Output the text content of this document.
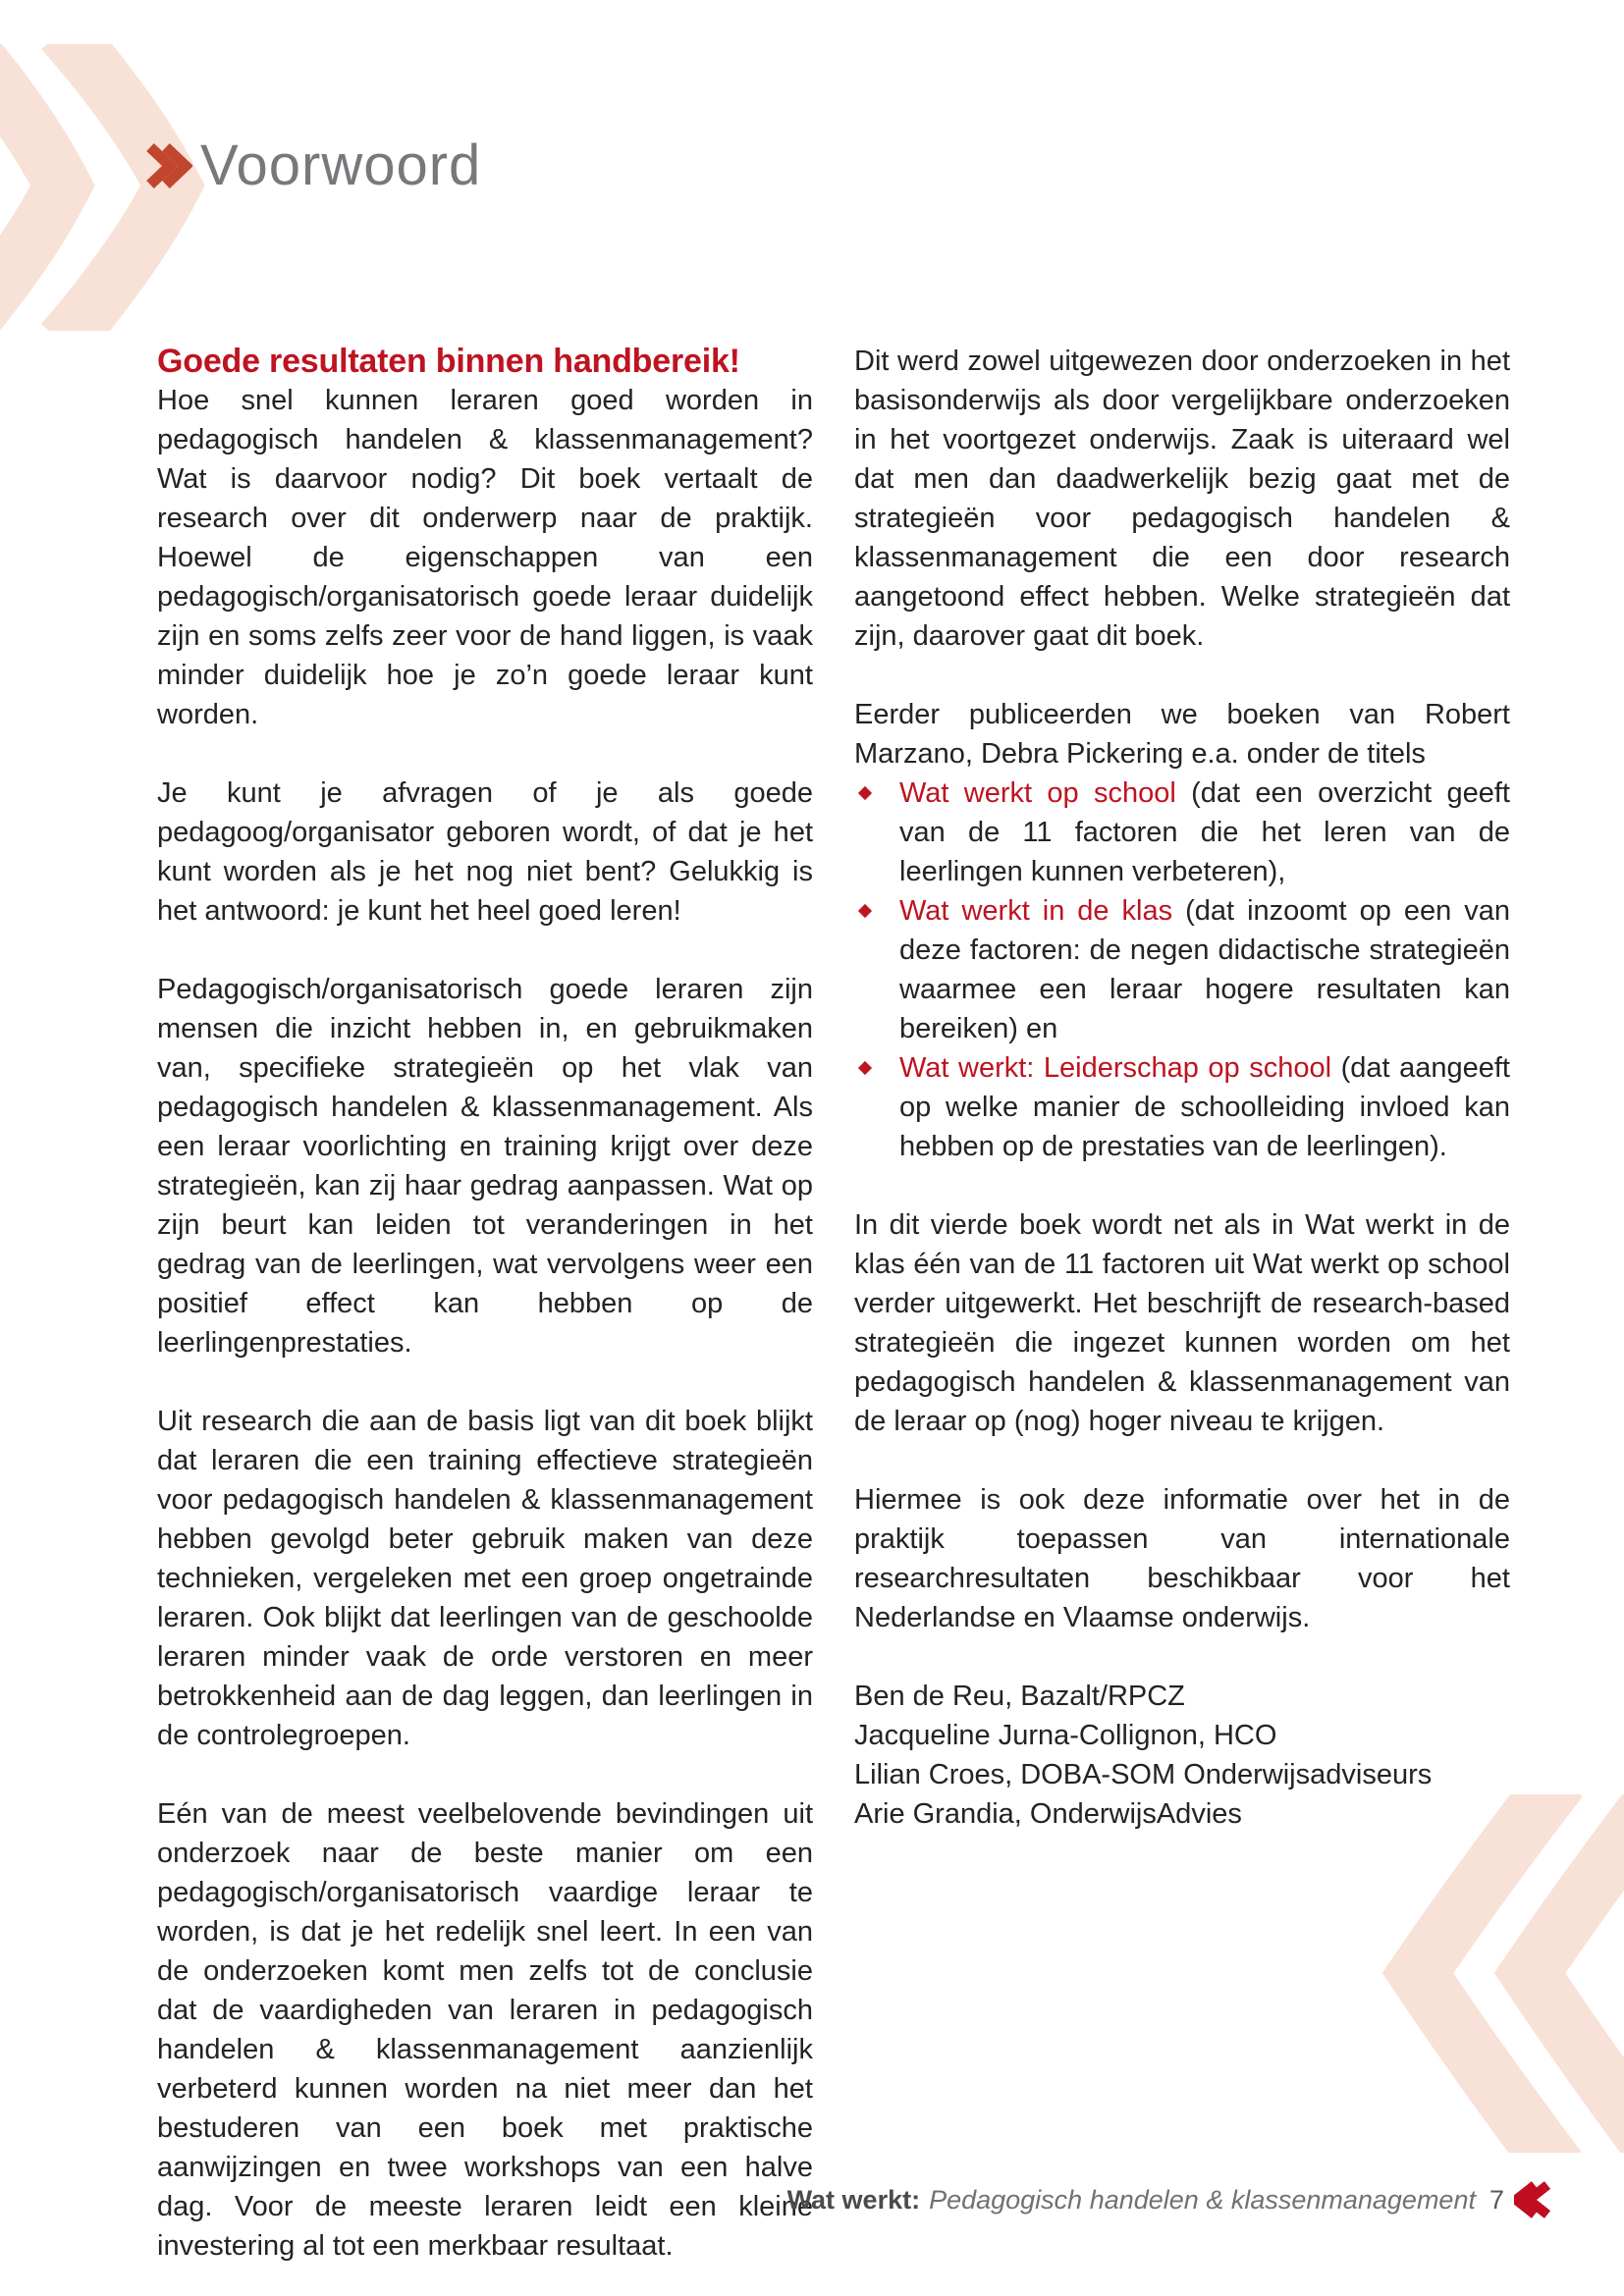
Voorwoord
Goede resultaten binnen handbereik!

Hoe snel kunnen leraren goed worden in pedagogisch handelen & klassenmanagement? Wat is daarvoor nodig? Dit boek vertaalt de research over dit onderwerp naar de praktijk. Hoewel de eigenschappen van een pedagogisch/organisatorisch goede leraar duidelijk zijn en soms zelfs zeer voor de hand liggen, is vaak minder duidelijk hoe je zo’n goede leraar kunt worden.

Je kunt je afvragen of je als goede pedagoog/organisator geboren wordt, of dat je het kunt worden als je het nog niet bent? Gelukkig is het antwoord: je kunt het heel goed leren!

Pedagogisch/organisatorisch goede leraren zijn mensen die inzicht hebben in, en gebruikmaken van, specifieke strategieën op het vlak van pedagogisch handelen & klassenmanagement. Als een leraar voorlichting en training krijgt over deze strategieën, kan zij haar gedrag aanpassen. Wat op zijn beurt kan leiden tot veranderingen in het gedrag van de leerlingen, wat vervolgens weer een positief effect kan hebben op de leerlingenprestaties.

Uit research die aan de basis ligt van dit boek blijkt dat leraren die een training effectieve strategieën voor pedagogisch handelen & klassenmanagement hebben gevolgd beter gebruik maken van deze technieken, vergeleken met een groep ongetrainde leraren. Ook blijkt dat leerlingen van de geschoolde leraren minder vaak de orde verstoren en meer betrokkenheid aan de dag leggen, dan leerlingen in de controlegroepen.

Eén van de meest veelbelovende bevindingen uit onderzoek naar de beste manier om een pedagogisch/organisatorisch vaardige leraar te worden, is dat je het redelijk snel leert. In een van de onderzoeken komt men zelfs tot de conclusie dat de vaardigheden van leraren in pedagogisch handelen & klassenmanagement aanzienlijk verbeterd kunnen worden na niet meer dan het bestuderen van een boek met praktische aanwijzingen en twee workshops van een halve dag. Voor de meeste leraren leidt een kleine investering al tot een merkbaar resultaat.

Dit werd zowel uitgewezen door onderzoeken in het basisonderwijs als door vergelijkbare onderzoeken in het voortgezet onderwijs. Zaak is uiteraard wel dat men dan daadwerkelijk bezig gaat met de strategieën voor pedagogisch handelen & klassenmanagement die een door research aangetoond effect hebben. Welke strategieën dat zijn, daarover gaat dit boek.

Eerder publiceerden we boeken van Robert Marzano, Debra Pickering e.a. onder de titels

Wat werkt op school (dat een overzicht geeft van de 11 factoren die het leren van de leerlingen kunnen verbeteren),
Wat werkt in de klas (dat inzoomt op een van deze factoren: de negen didactische strategieën waarmee een leraar hogere resultaten kan bereiken) en
Wat werkt: Leiderschap op school (dat aangeeft op welke manier de schoolleiding invloed kan hebben op de prestaties van de leerlingen).

In dit vierde boek wordt net als in Wat werkt in de klas één van de 11 factoren uit Wat werkt op school verder uitgewerkt. Het beschrijft de research-based strategieën die ingezet kunnen worden om het pedagogisch handelen & klassenmanagement van de leraar op (nog) hoger niveau te krijgen.

Hiermee is ook deze informatie over het in de praktijk toepassen van internationale researchresultaten beschikbaar voor het Nederlandse en Vlaamse onderwijs.

Ben de Reu, Bazalt/RPCZ
Jacqueline Jurna-Collignon, HCO
Lilian Croes, DOBA-SOM Onderwijsadviseurs
Arie Grandia, OnderwijsAdvies
Wat werkt: Pedagogisch handelen & klassenmanagement 7
